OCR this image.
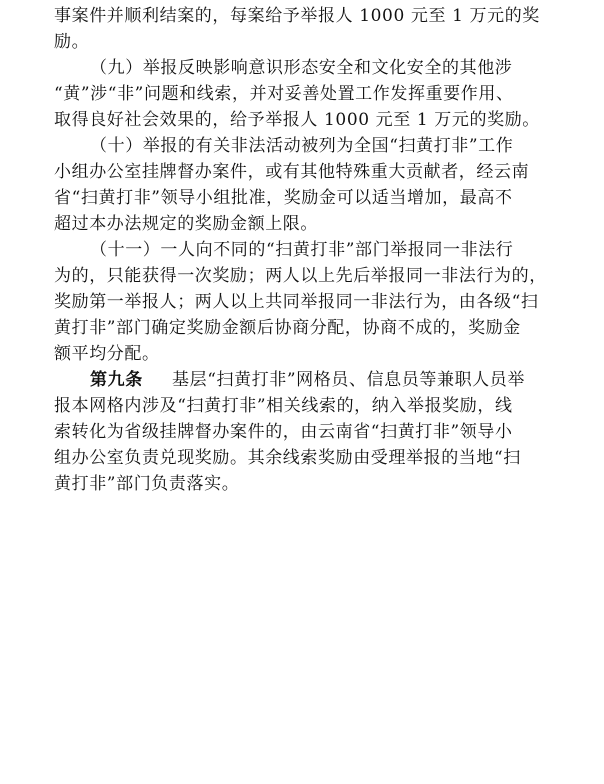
事案件并顺利结案的，每案给予举报人 1000 元至 1 万元的奖
励。
（九）举报反映影响意识形态安全和文化安全的其他涉
“黄”涉“非”问题和线索，并对妥善处置工作发挥重要作用、
取得良好社会效果的，给予举报人 1000 元至 1 万元的奖励。
（十）举报的有关非法活动被列为全国“扫黄打非”工作
小组办公室挂牌督办案件，或有其他特殊重大贡献者，经云南
省“扫黄打非”领导小组批准，奖励金可以适当增加，最高不
超过本办法规定的奖励金额上限。
（十一）一人向不同的“扫黄打非”部门举报同一非法行
为的，只能获得一次奖励；两人以上先后举报同一非法行为的，
奖励第一举报人；两人以上共同举报同一非法行为，由各级“扫
黄打非”部门确定奖励金额后协商分配，协商不成的，奖励金
额平均分配。
第九条 基层“扫黄打非”网格员、信息员等兼职人员举
报本网格内涉及“扫黄打非”相关线索的，纳入举报奖励，线
索转化为省级挂牌督办案件的，由云南省“扫黄打非”领导小
组办公室负责兑现奖励。其余线索奖励由受理举报的当地“扫
黄打非”部门负责落实。
